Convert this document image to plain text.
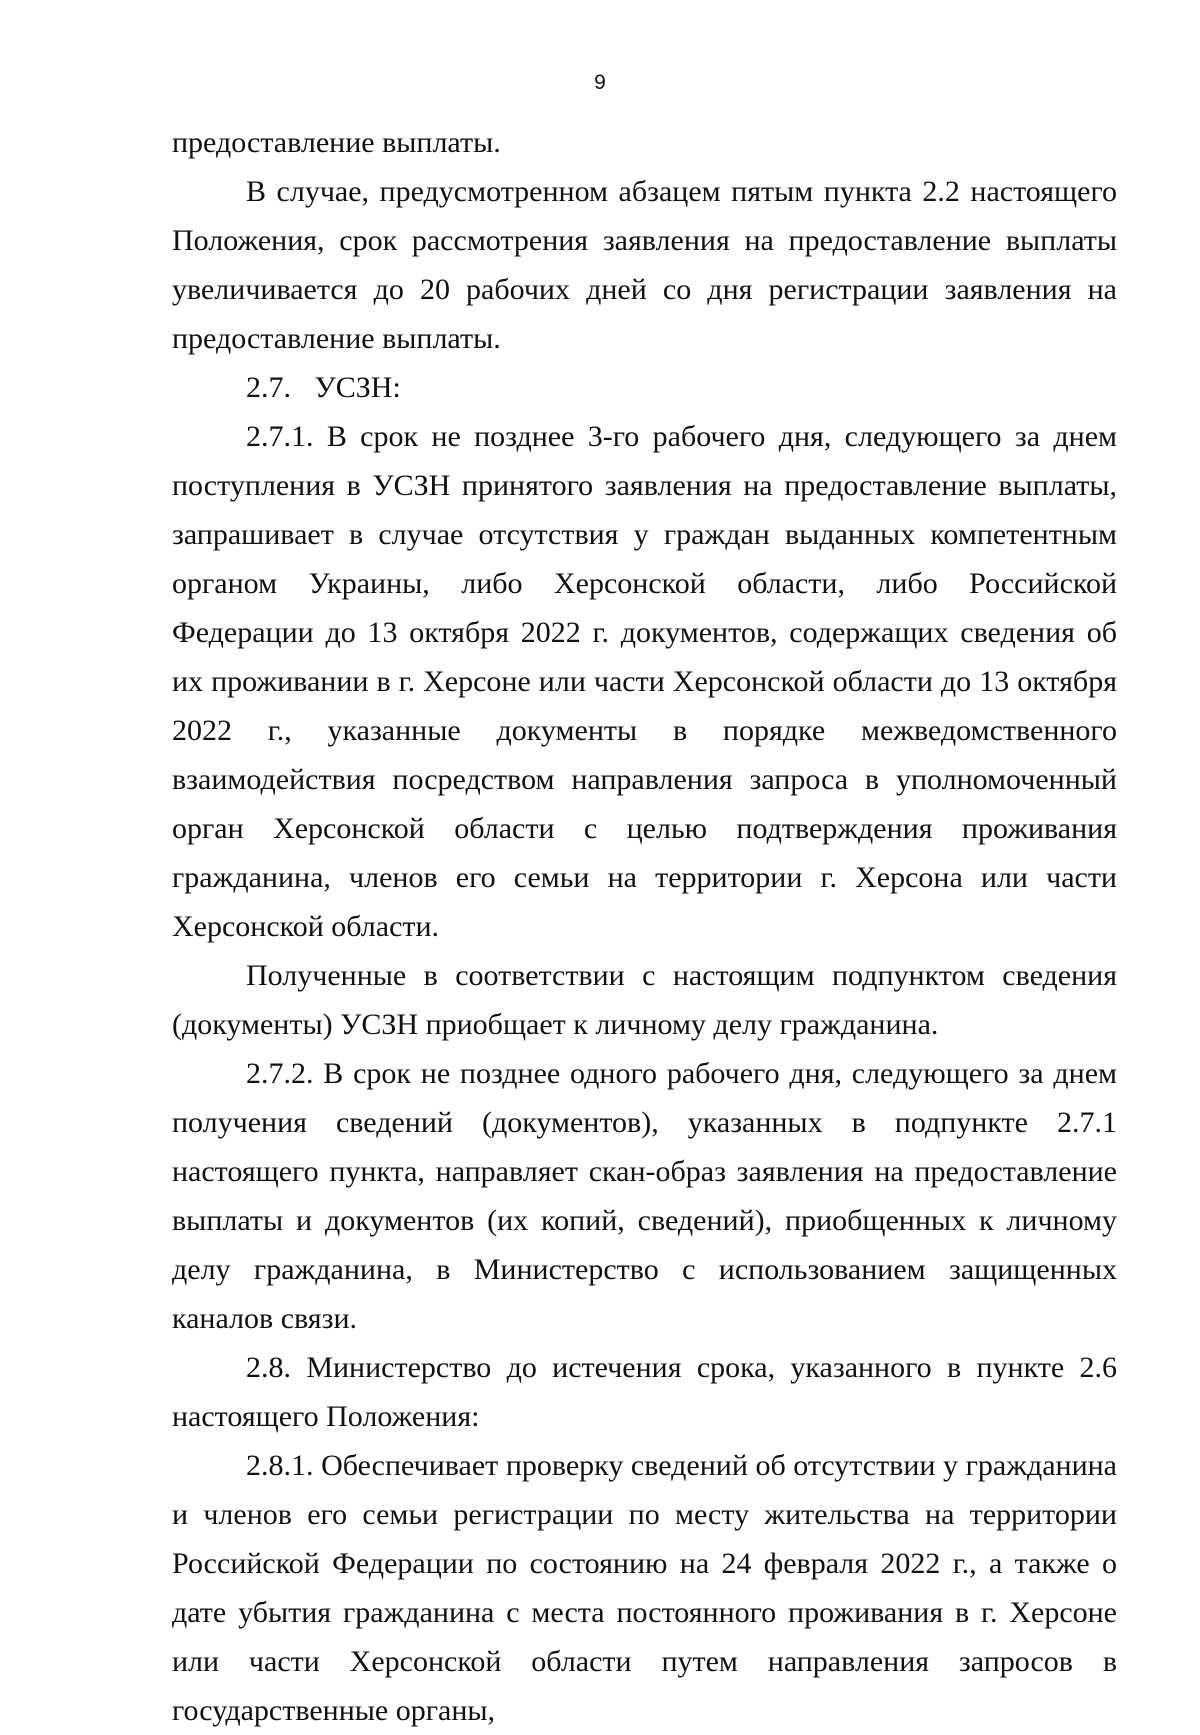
9

предоставление выплаты.

В случае, предусмотренном абзацем пятым пункта 2.2 настоящего Положения, срок рассмотрения заявления на предоставление выплаты увеличивается до 20 рабочих дней со дня регистрации заявления на предоставление выплаты.

2.7. УСЗН:

2.7.1. В срок не позднее 3-го рабочего дня, следующего за днем поступления в УСЗН принятого заявления на предоставление выплаты, запрашивает в случае отсутствия у граждан выданных компетентным органом Украины, либо Херсонской области, либо Российской Федерации до 13 октября 2022 г. документов, содержащих сведения об их проживании в г. Херсоне или части Херсонской области до 13 октября 2022 г., указанные документы в порядке межведомственного взаимодействия посредством направления запроса в уполномоченный орган Херсонской области с целью подтверждения проживания гражданина, членов его семьи на территории г. Херсона или части Херсонской области.

Полученные в соответствии с настоящим подпунктом сведения (документы) УСЗН приобщает к личному делу гражданина.

2.7.2. В срок не позднее одного рабочего дня, следующего за днем получения сведений (документов), указанных в подпункте 2.7.1 настоящего пункта, направляет скан-образ заявления на предоставление выплаты и документов (их копий, сведений), приобщенных к личному делу гражданина, в Министерство с использованием защищенных каналов связи.

2.8. Министерство до истечения срока, указанного в пункте 2.6 настоящего Положения:

2.8.1. Обеспечивает проверку сведений об отсутствии у гражданина и членов его семьи регистрации по месту жительства на территории Российской Федерации по состоянию на 24 февраля 2022 г., а также о дате убытия гражданина с места постоянного проживания в г. Херсоне или части Херсонской области путем направления запросов в государственные органы,
